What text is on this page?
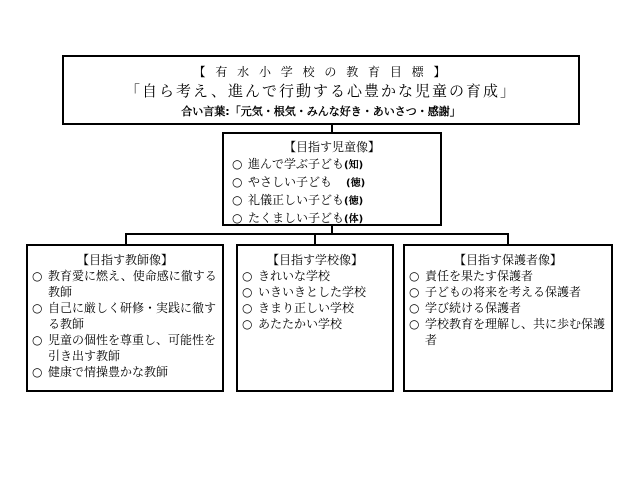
【 有 水 小 学 校 の 教 育 目 標 】
「自ら考え、進んで行動する心豊かな児童の育成」
合い言葉:「元気・根気・みんな好き・あいさつ・感謝」
【目指す児童像】
○ 進んで学ぶ子ども(知)
○ やさしい子ども (徳)
○ 礼儀正しい子ども(徳)
○ たくましい子ども(体)
【目指す教師像】
○ 教育愛に燃え、使命感に徹する教師
○ 自己に厳しく研修・実践に徹する教師
○ 児童の個性を尊重し、可能性を引き出す教師
○ 健康で情操豊かな教師
【目指す学校像】
○ きれいな学校
○ いきいきとした学校
○ きまり正しい学校
○ あたたかい学校
【目指す保護者像】
○ 責任を果たす保護者
○ 子どもの将来を考える保護者
○ 学び続ける保護者
○ 学校教育を理解し、共に歩む保護者
